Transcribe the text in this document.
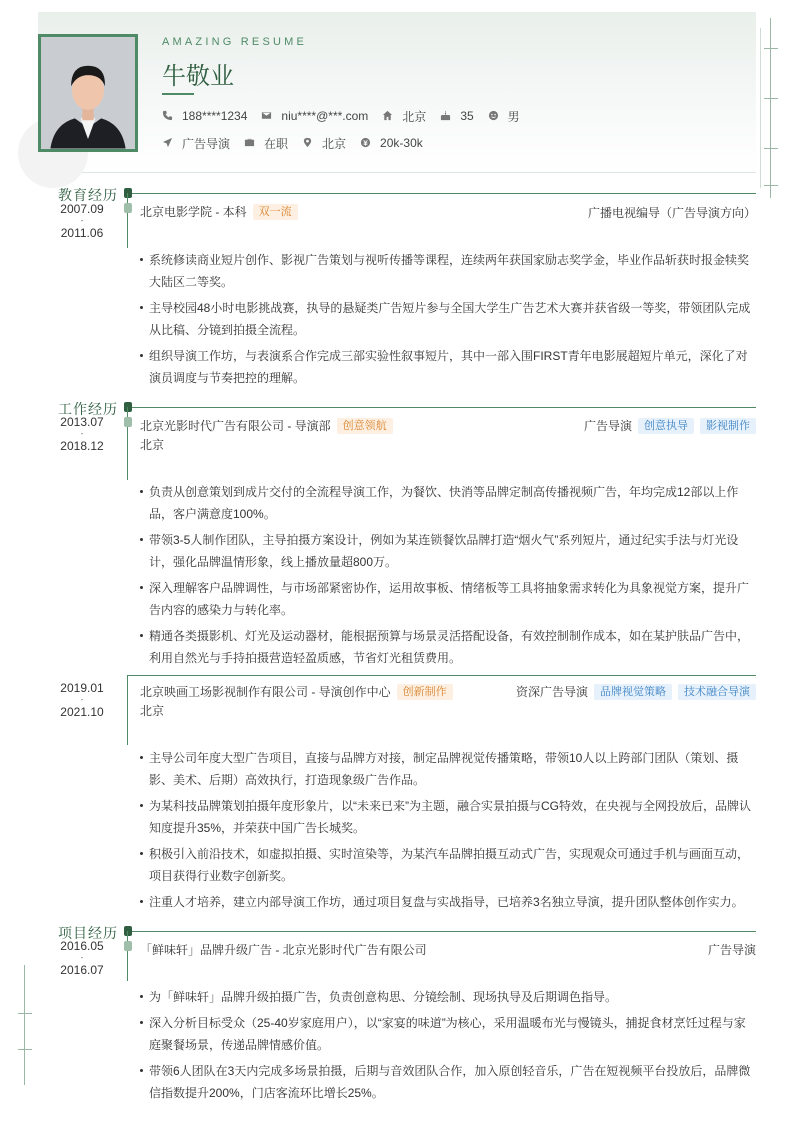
AMAZING RESUME
牛敬业
188****1234	niu****@***.com	北京	35	男
广告导演	在职	北京	20k-30k
教育经历
2007.09
-
2011.06
北京电影学院 - 本科	双一流	广播电视编导（广告导演方向）
系统修读商业短片创作、影视广告策划与视听传播等课程，连续两年获国家励志奖学金，毕业作品斩获时报金犊奖大陆区二等奖。
主导校园48小时电影挑战赛，执导的悬疑类广告短片参与全国大学生广告艺术大赛并获省级一等奖，带领团队完成从比稿、分镜到拍摄全流程。
组织导演工作坊，与表演系合作完成三部实验性叙事短片，其中一部入围FIRST青年电影展超短片单元，深化了对演员调度与节奏把控的理解。
工作经历
2013.07
-
2018.12
北京光影时代广告有限公司 - 导演部	创意领航	广告导演	创意执导	影视制作
北京
负责从创意策划到成片交付的全流程导演工作，为餐饮、快消等品牌定制高传播视频广告，年均完成12部以上作品，客户满意度100%。
带领3-5人制作团队，主导拍摄方案设计，例如为某连锁餐饮品牌打造“烟火气”系列短片，通过纪实手法与灯光设计，强化品牌温情形象，线上播放量超800万。
深入理解客户品牌调性，与市场部紧密协作，运用故事板、情绪板等工具将抽象需求转化为具象视觉方案，提升广告内容的感染力与转化率。
精通各类摄影机、灯光及运动器材，能根据预算与场景灵活搭配设备，有效控制制作成本，如在某护肤品广告中，利用自然光与手持拍摄营造轻盈质感，节省灯光租赁费用。
2019.01
-
2021.10
北京映画工场影视制作有限公司 - 导演创作中心	创新制作	资深广告导演	品牌视觉策略	技术融合导演
北京
主导公司年度大型广告项目，直接与品牌方对接，制定品牌视觉传播策略，带领10人以上跨部门团队（策划、摄影、美术、后期）高效执行，打造现象级广告作品。
为某科技品牌策划拍摄年度形象片，以“未来已来”为主题，融合实景拍摄与CG特效，在央视与全网投放后，品牌认知度提升35%，并荣获中国广告长城奖。
积极引入前沿技术，如虚拟拍摄、实时渲染等，为某汽车品牌拍摄互动式广告，实现观众可通过手机与画面互动，项目获得行业数字创新奖。
注重人才培养，建立内部导演工作坊，通过项目复盘与实战指导，已培养3名独立导演，提升团队整体创作实力。
项目经历
2016.05
-
2016.07
「鲜味轩」品牌升级广告 - 北京光影时代广告有限公司	广告导演
为「鲜味轩」品牌升级拍摄广告，负责创意构思、分镜绘制、现场执导及后期调色指导。
深入分析目标受众（25-40岁家庭用户），以“家宴的味道”为核心，采用温暖布光与慢镜头，捕捉食材烹饪过程与家庭聚餐场景，传递品牌情感价值。
带领6人团队在3天内完成多场景拍摄，后期与音效团队合作，加入原创轻音乐，广告在短视频平台投放后，品牌微信指数提升200%，门店客流环比增长25%。
